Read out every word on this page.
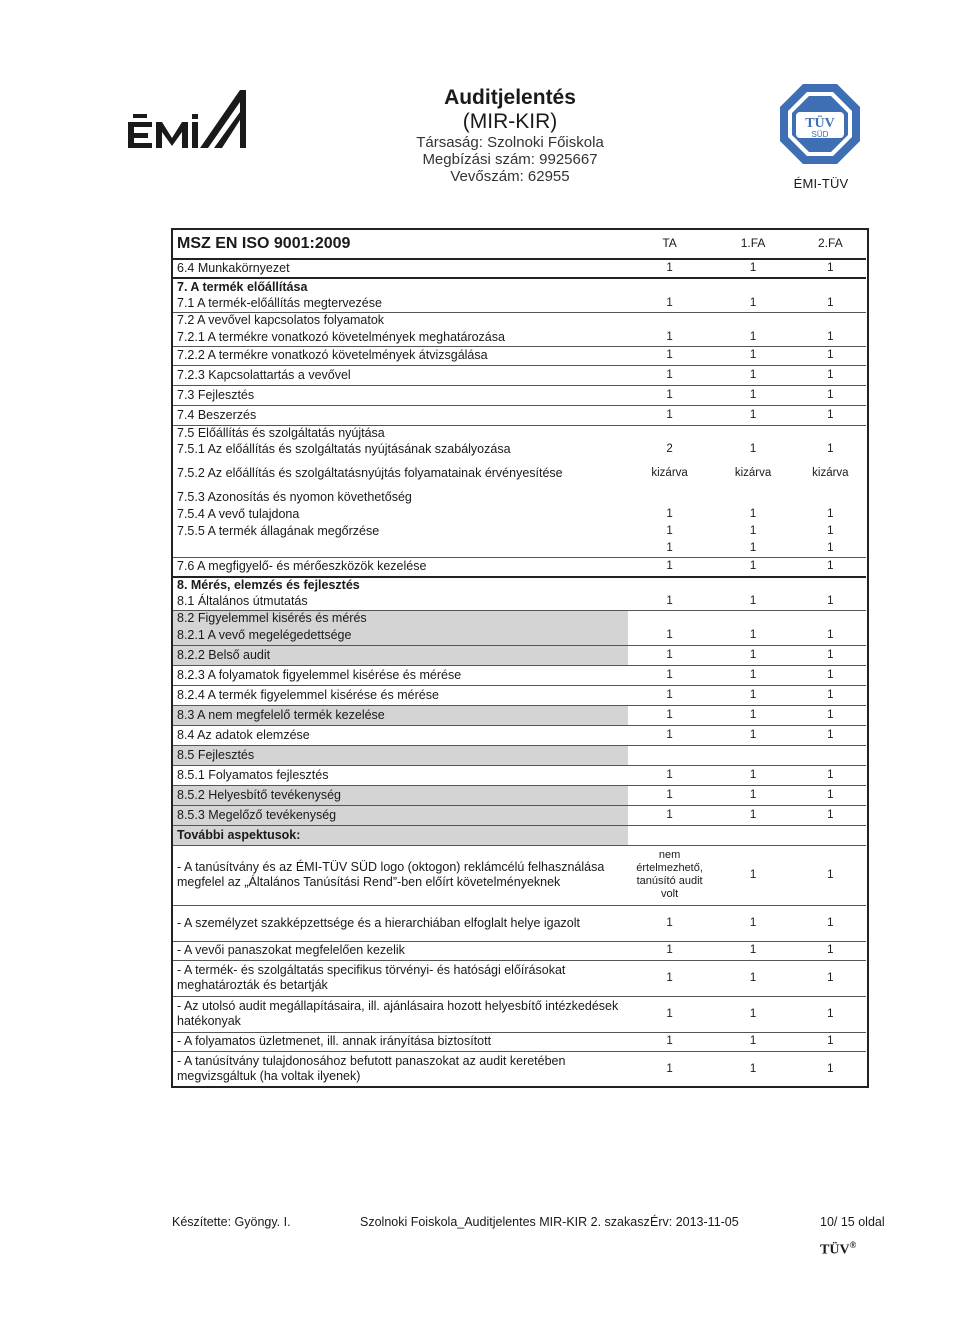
TÜV
SÜD
ÉMI-TÜV
Auditjelentés
(MIR-KIR)
Társaság: Szolnoki Főiskola
Megbízási szám: 9925667
Vevőszám: 62955
MSZ EN ISO 9001:2009	TA	1.FA	2.FA
6.4 Munkakörnyezet	1	1	1
7. A termék előállítása			
7.1 A termék-előállítás megtervezése	1	1	1
7.2 A vevővel kapcsolatos folyamatok			
7.2.1 A termékre vonatkozó követelmények meghatározása	1	1	1
7.2.2 A termékre vonatkozó követelmények átvizsgálása	1	1	1
7.2.3 Kapcsolattartás a vevővel	1	1	1
7.3 Fejlesztés	1	1	1
7.4 Beszerzés	1	1	1
7.5 Előállítás és szolgáltatás nyújtása			
7.5.1 Az előállítás és szolgáltatás nyújtásának szabályozása	2	1	1
7.5.2 Az előállítás és szolgáltatásnyújtás folyamatainak érvényesítése	kizárva	kizárva	kizárva
7.5.3 Azonosítás és nyomon követhetőség			
7.5.4 A vevő tulajdona	1	1	1
7.5.5 A termék állagának megőrzése	1	1	1
	1	1	1
7.6 A megfigyelő- és mérőeszközök kezelése	1	1	1
8. Mérés, elemzés és fejlesztés			
8.1 Általános útmutatás	1	1	1
8.2 Figyelemmel kisérés és mérés			
8.2.1 A vevő megelégedettsége	1	1	1
8.2.2 Belső audit	1	1	1
8.2.3 A folyamatok figyelemmel kisérése és mérése	1	1	1
8.2.4 A termék figyelemmel kisérése és mérése	1	1	1
8.3 A nem megfelelő termék kezelése	1	1	1
8.4 Az adatok elemzése	1	1	1
8.5 Fejlesztés			
8.5.1 Folyamatos fejlesztés	1	1	1
8.5.2 Helyesbítő tevékenység	1	1	1
8.5.3 Megelőző tevékenység	1	1	1
További aspektusok:			
- A tanúsítvány és az ÉMI-TÜV SÜD logo (oktogon) reklámcélú felhasználása megfelel az „Általános Tanúsítási Rend”-ben előírt követelményeknek	nem értelmezhető, tanúsító audit volt	1	1
- A személyzet szakképzettsége és a hierarchiában elfoglalt helye igazolt	1	1	1
- A vevői panaszokat megfelelően kezelik	1	1	1
- A termék- és szolgáltatás specifikus törvényi- és hatósági előírásokat meghatározták és betartják	1	1	1
- Az utolsó audit megállapításaira, ill. ajánlásaira hozott helyesbítő intézkedések hatékonyak	1	1	1
- A folyamatos üzletmenet, ill. annak irányítása biztosított	1	1	1
- A tanúsítvány tulajdonosához befutott panaszokat az audit keretében megvizsgáltuk (ha voltak ilyenek)	1	1	1
Készítette: Gyöngy. I.	Szolnoki Foiskola_Auditjelentes MIR-KIR 2. szakasz Érv: 2013-11-05	10/ 15 oldal
TÜV®
